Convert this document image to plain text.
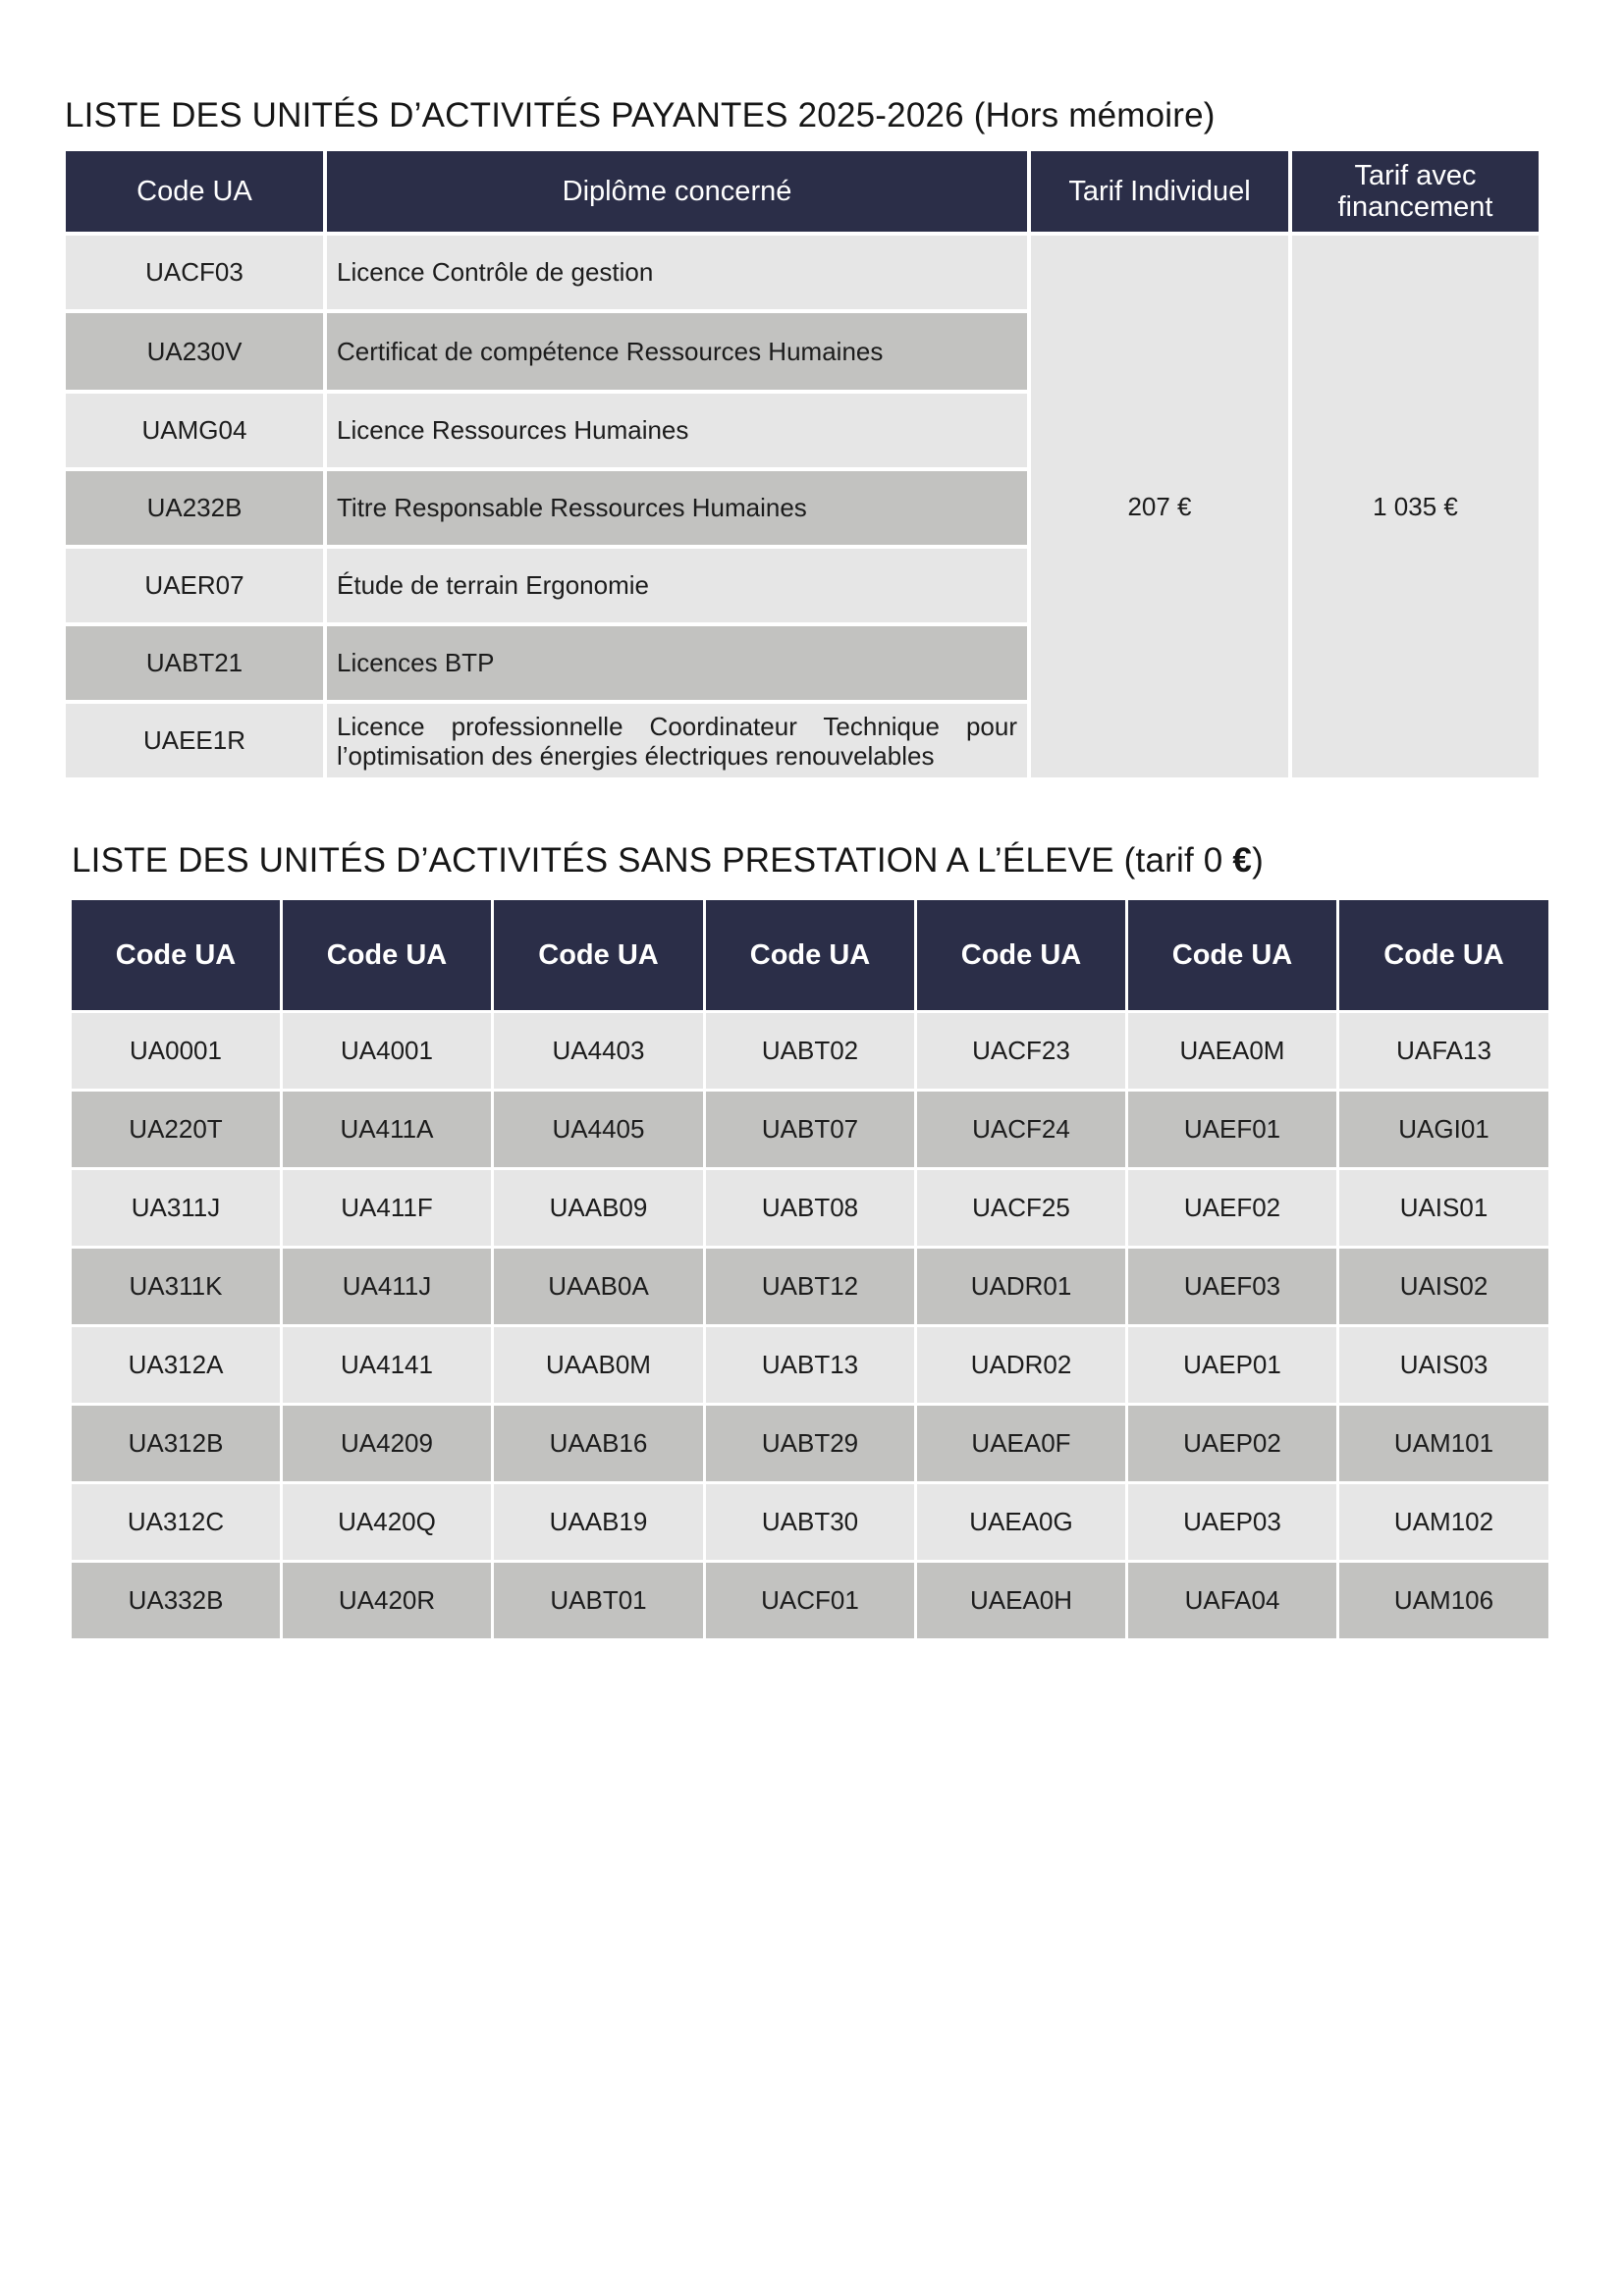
LISTE DES UNITÉS D’ACTIVITÉS PAYANTES 2025-2026 (Hors mémoire)
Code UA	Diplôme concerné	Tarif Individuel	Tarif avec financement
UACF03	Licence Contrôle de gestion	207 €	1 035 €
UA230V	Certificat de compétence Ressources Humaines		
UAMG04	Licence Ressources Humaines		
UA232B	Titre Responsable Ressources Humaines		
UAER07	Étude de terrain Ergonomie		
UABT21	Licences BTP		
UAEE1R	Licence professionnelle Coordinateur Technique pour l’optimisation des énergies électriques renouvelables		
LISTE DES UNITÉS D’ACTIVITÉS SANS PRESTATION A L’ÉLEVE (tarif 0 €)
Code UA	Code UA	Code UA	Code UA	Code UA	Code UA	Code UA
UA0001	UA4001	UA4403	UABT02	UACF23	UAEA0M	UAFA13
UA220T	UA411A	UA4405	UABT07	UACF24	UAEF01	UAGI01
UA311J	UA411F	UAAB09	UABT08	UACF25	UAEF02	UAIS01
UA311K	UA411J	UAAB0A	UABT12	UADR01	UAEF03	UAIS02
UA312A	UA4141	UAAB0M	UABT13	UADR02	UAEP01	UAIS03
UA312B	UA4209	UAAB16	UABT29	UAEA0F	UAEP02	UAM101
UA312C	UA420Q	UAAB19	UABT30	UAEA0G	UAEP03	UAM102
UA332B	UA420R	UABT01	UACF01	UAEA0H	UAFA04	UAM106
